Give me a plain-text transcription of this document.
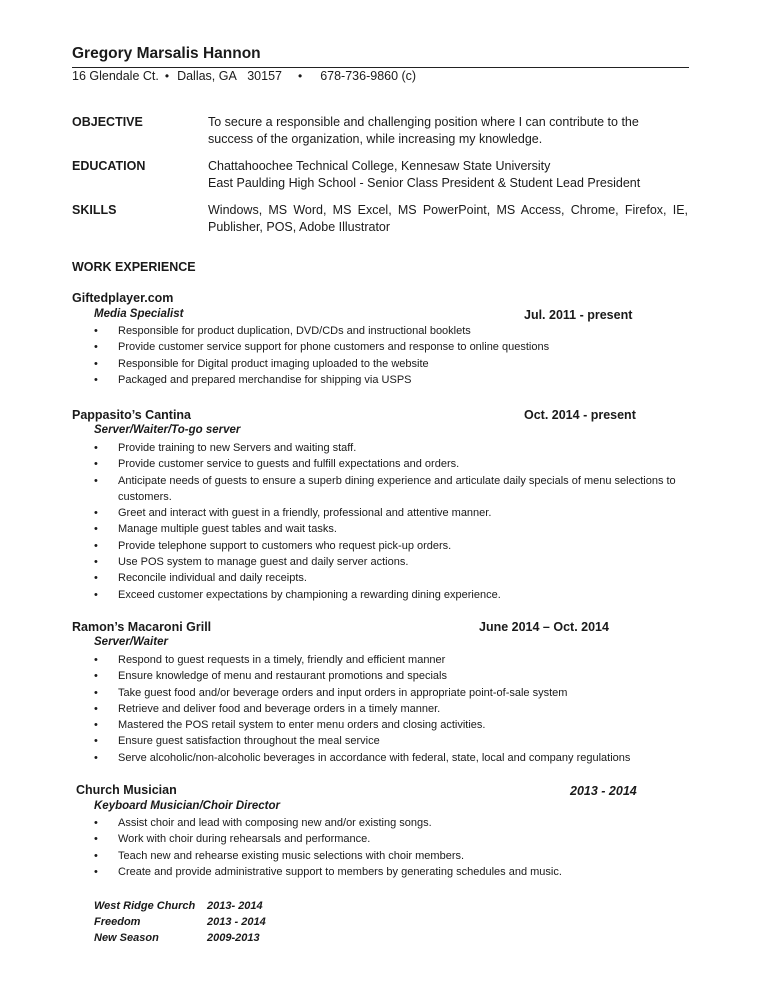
Gregory Marsalis Hannon
16 Glendale Ct. • Dallas, GA 30157 • 678-736-9860 (c)
OBJECTIVE	To secure a responsible and challenging position where I can contribute to the success of the organization, while increasing my knowledge.
EDUCATION	Chattahoochee Technical College, Kennesaw State University
East Paulding High School - Senior Class President & Student Lead President
SKILLS	Windows, MS Word, MS Excel, MS PowerPoint, MS Access, Chrome, Firefox, IE, Publisher, POS, Adobe Illustrator
WORK EXPERIENCE
Giftedplayer.com
Media Specialist	Jul. 2011 - present
• Responsible for product duplication, DVD/CDs and instructional booklets
• Provide customer service support for phone customers and response to online questions
• Responsible for Digital product imaging uploaded to the website
• Packaged and prepared merchandise for shipping via USPS
Pappasito’s Cantina	Oct. 2014 - present
Server/Waiter/To-go server
• Provide training to new Servers and waiting staff.
• Provide customer service to guests and fulfill expectations and orders.
• Anticipate needs of guests to ensure a superb dining experience and articulate daily specials of menu selections to customers.
• Greet and interact with guest in a friendly, professional and attentive manner.
• Manage multiple guest tables and wait tasks.
• Provide telephone support to customers who request pick-up orders.
• Use POS system to manage guest and daily server actions.
• Reconcile individual and daily receipts.
• Exceed customer expectations by championing a rewarding dining experience.
Ramon’s Macaroni Grill	June 2014 – Oct. 2014
Server/Waiter
• Respond to guest requests in a timely, friendly and efficient manner
• Ensure knowledge of menu and restaurant promotions and specials
• Take guest food and/or beverage orders and input orders in appropriate point-of-sale system
• Retrieve and deliver food and beverage orders in a timely manner.
• Mastered the POS retail system to enter menu orders and closing activities.
• Ensure guest satisfaction throughout the meal service
• Serve alcoholic/non-alcoholic beverages in accordance with federal, state, local and company regulations
Church Musician	2013 - 2014
Keyboard Musician/Choir Director
• Assist choir and lead with composing new and/or existing songs.
• Work with choir during rehearsals and performance.
• Teach new and rehearse existing music selections with choir members.
• Create and provide administrative support to members by generating schedules and music.
West Ridge Church	2013- 2014
Freedom	2013 - 2014
New Season	2009-2013
